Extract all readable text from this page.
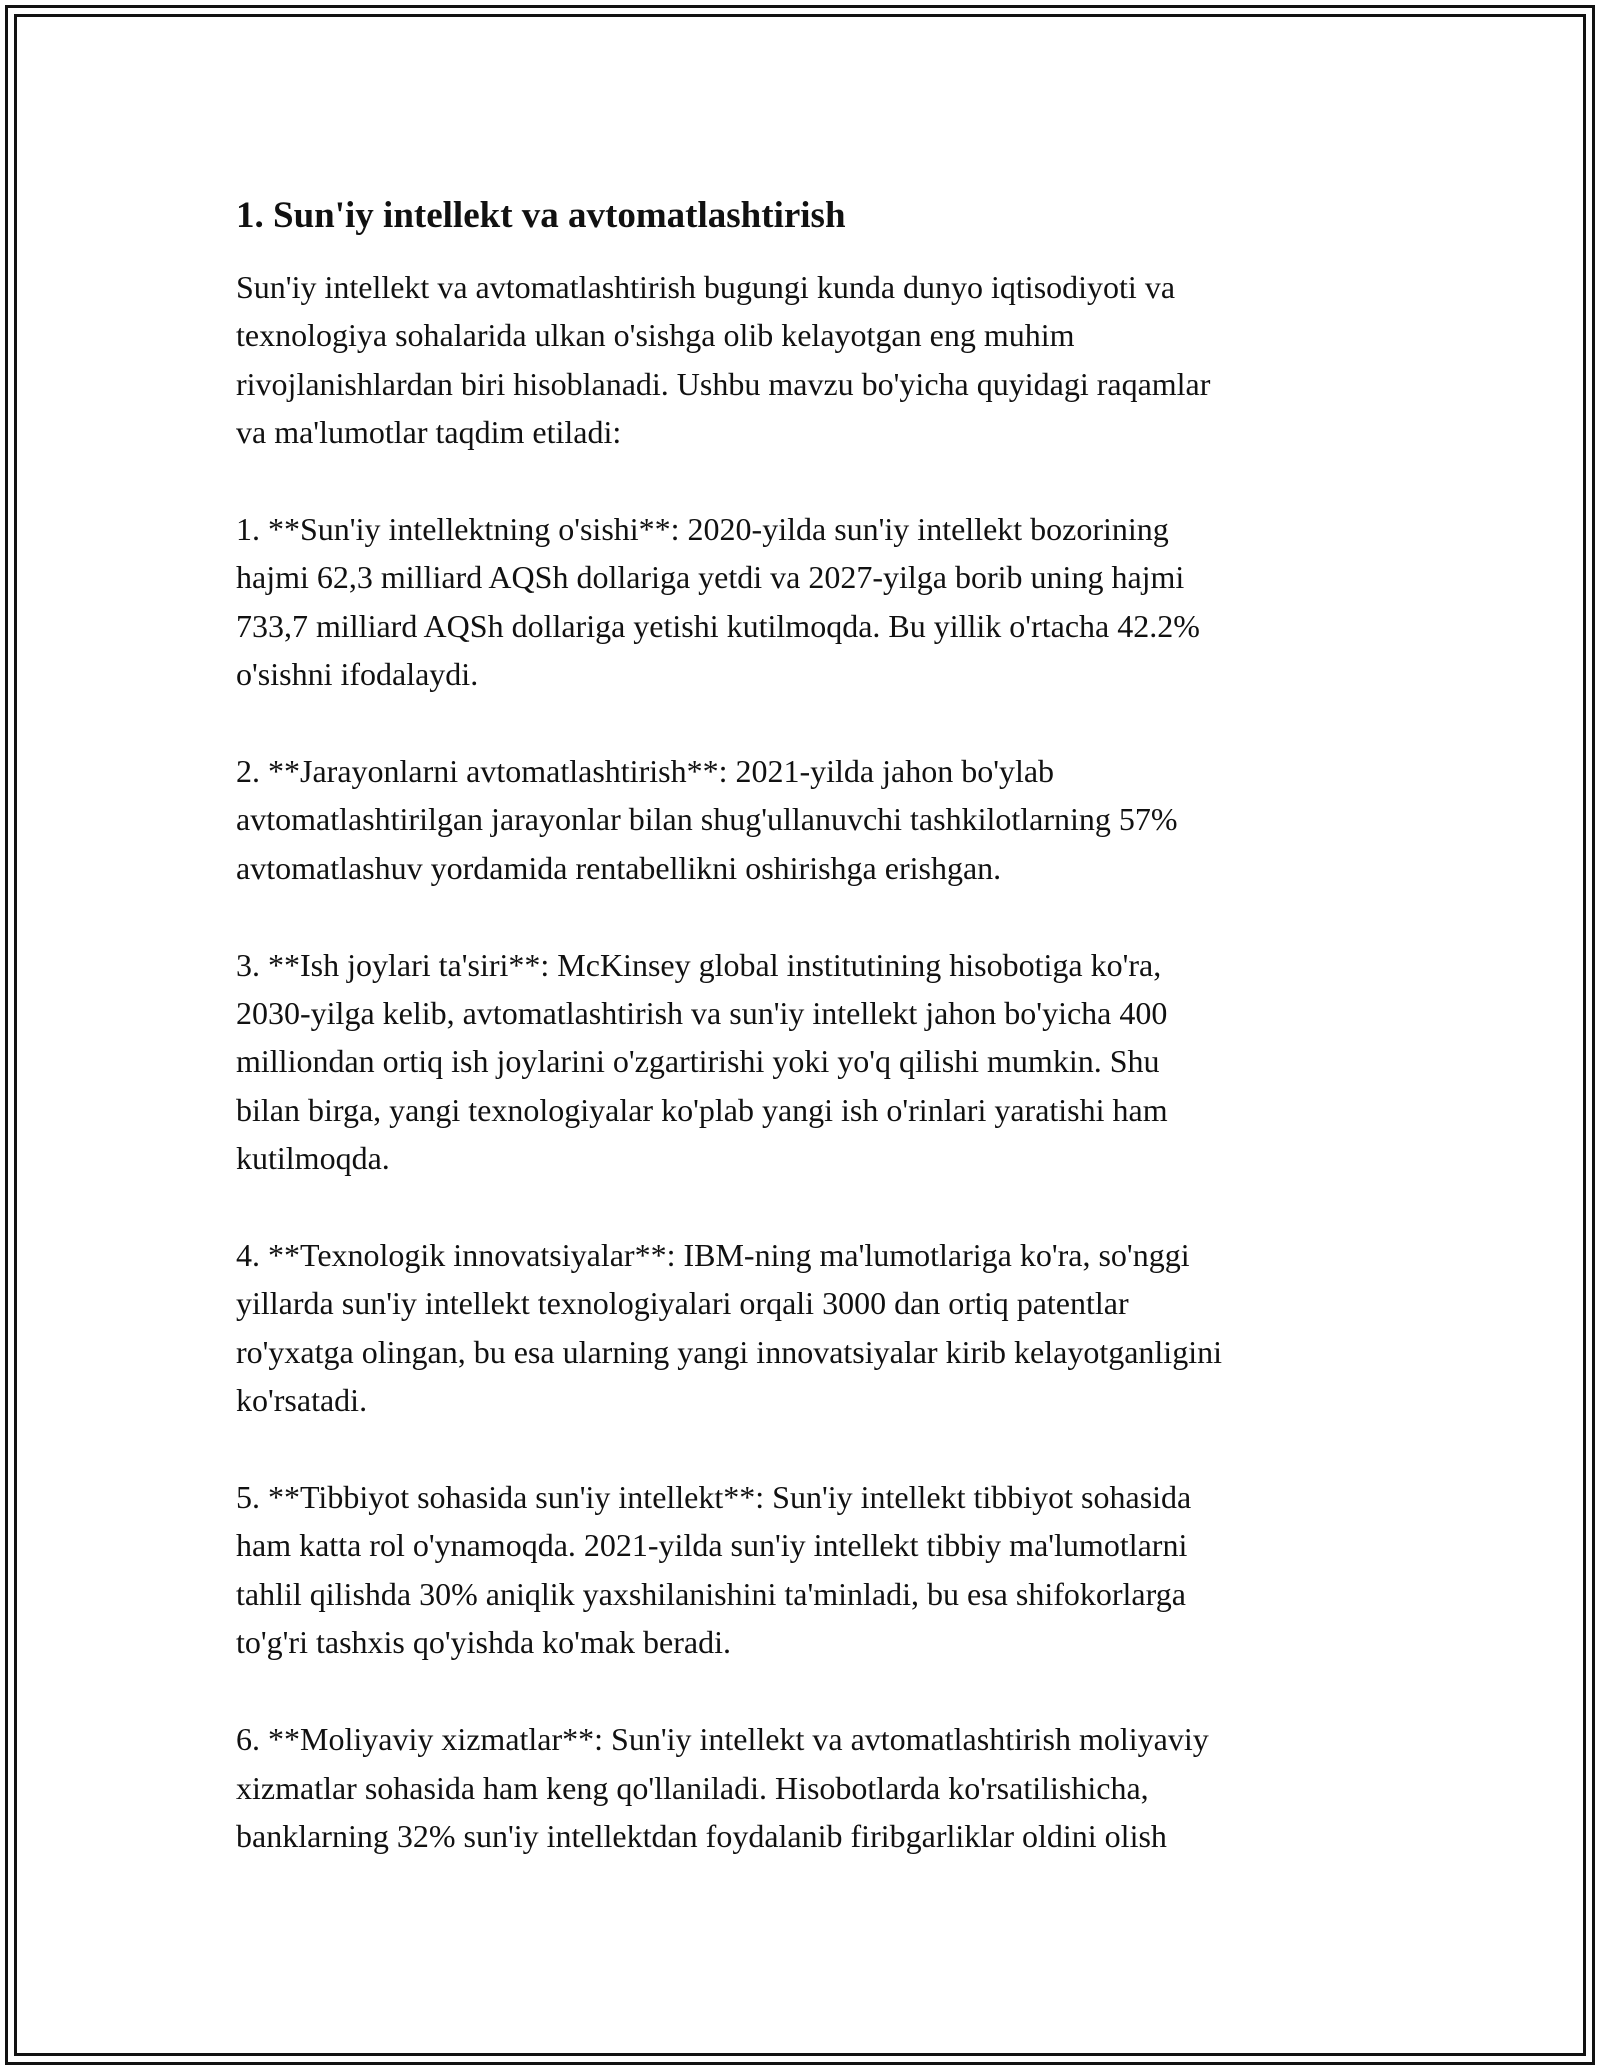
1. Sun'iy intellekt va avtomatlashtirish

Sun'iy intellekt va avtomatlashtirish bugungi kunda dunyo iqtisodiyoti va
texnologiya sohalarida ulkan o'sishga olib kelayotgan eng muhim
rivojlanishlardan biri hisoblanadi. Ushbu mavzu bo'yicha quyidagi raqamlar
va ma'lumotlar taqdim etiladi:

1. **Sun'iy intellektning o'sishi**: 2020-yilda sun'iy intellekt bozorining
hajmi 62,3 milliard AQSh dollariga yetdi va 2027-yilga borib uning hajmi
733,7 milliard AQSh dollariga yetishi kutilmoqda. Bu yillik o'rtacha 42.2%
o'sishni ifodalaydi.

2. **Jarayonlarni avtomatlashtirish**: 2021-yilda jahon bo'ylab
avtomatlashtirilgan jarayonlar bilan shug'ullanuvchi tashkilotlarning 57%
avtomatlashuv yordamida rentabellikni oshirishga erishgan.

3. **Ish joylari ta'siri**: McKinsey global institutining hisobotiga ko'ra,
2030-yilga kelib, avtomatlashtirish va sun'iy intellekt jahon bo'yicha 400
milliondan ortiq ish joylarini o'zgartirishi yoki yo'q qilishi mumkin. Shu
bilan birga, yangi texnologiyalar ko'plab yangi ish o'rinlari yaratishi ham
kutilmoqda.

4. **Texnologik innovatsiyalar**: IBM-ning ma'lumotlariga ko'ra, so'nggi
yillarda sun'iy intellekt texnologiyalari orqali 3000 dan ortiq patentlar
ro'yxatga olingan, bu esa ularning yangi innovatsiyalar kirib kelayotganligini
ko'rsatadi.

5. **Tibbiyot sohasida sun'iy intellekt**: Sun'iy intellekt tibbiyot sohasida
ham katta rol o'ynamoqda. 2021-yilda sun'iy intellekt tibbiy ma'lumotlarni
tahlil qilishda 30% aniqlik yaxshilanishini ta'minladi, bu esa shifokorlarga
to'g'ri tashxis qo'yishda ko'mak beradi.

6. **Moliyaviy xizmatlar**: Sun'iy intellekt va avtomatlashtirish moliyaviy
xizmatlar sohasida ham keng qo'llaniladi. Hisobotlarda ko'rsatilishicha,
banklarning 32% sun'iy intellektdan foydalanib firibgarliklar oldini olish
